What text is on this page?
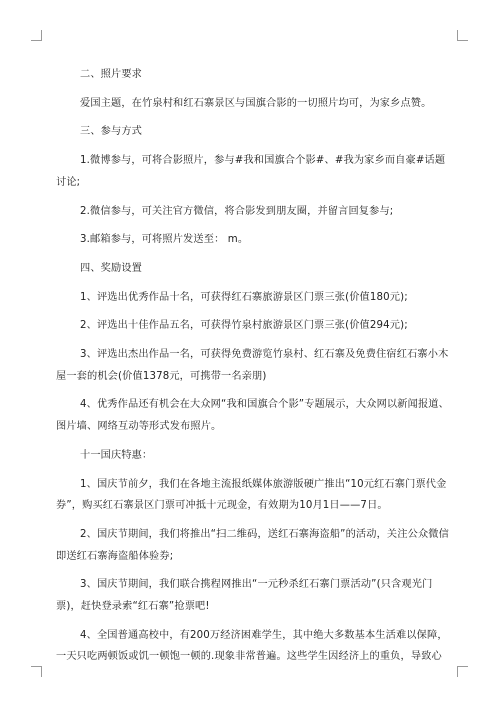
二、照片要求

爱国主题，在竹泉村和红石寨景区与国旗合影的一切照片均可，为家乡点赞。

三、参与方式

1.微博参与，可将合影照片，参与#我和国旗合个影#、#我为家乡而自豪#话题讨论;

2.微信参与，可关注官方微信，将合影发到朋友圈，并留言回复参与;

3.邮箱参与，可将照片发送至： m。

四、奖励设置

1、评选出优秀作品十名，可获得红石寨旅游景区门票三张(价值180元);

2、评选出十佳作品五名，可获得竹泉村旅游景区门票三张(价值294元);

3、评选出杰出作品一名，可获得免费游览竹泉村、红石寨及免费住宿红石寨小木屋一套的机会(价值1378元，可携带一名亲朋)

4、优秀作品还有机会在大众网“我和国旗合个影”专题展示，大众网以新闻报道、图片墙、网络互动等形式发布照片。

十一国庆特惠：

1、国庆节前夕，我们在各地主流报纸媒体旅游版硬广推出“10元红石寨门票代金券”，购买红石寨景区门票可冲抵十元现金，有效期为10月1日——7日。

2、国庆节期间，我们将推出“扫二维码，送红石寨海盗船”的活动，关注公众微信即送红石寨海盗船体验券;

3、国庆节期间，我们联合携程网推出“一元秒杀红石寨门票活动”(只含观光门票)，赶快登录索“红石寨”抢票吧!

4、全国普通高校中，有200万经济困难学生，其中绝大多数基本生活难以保障，一天只吃两顿饭或饥一顿饱一顿的.现象非常普遍。这些学生因经济上的重负，导致心
